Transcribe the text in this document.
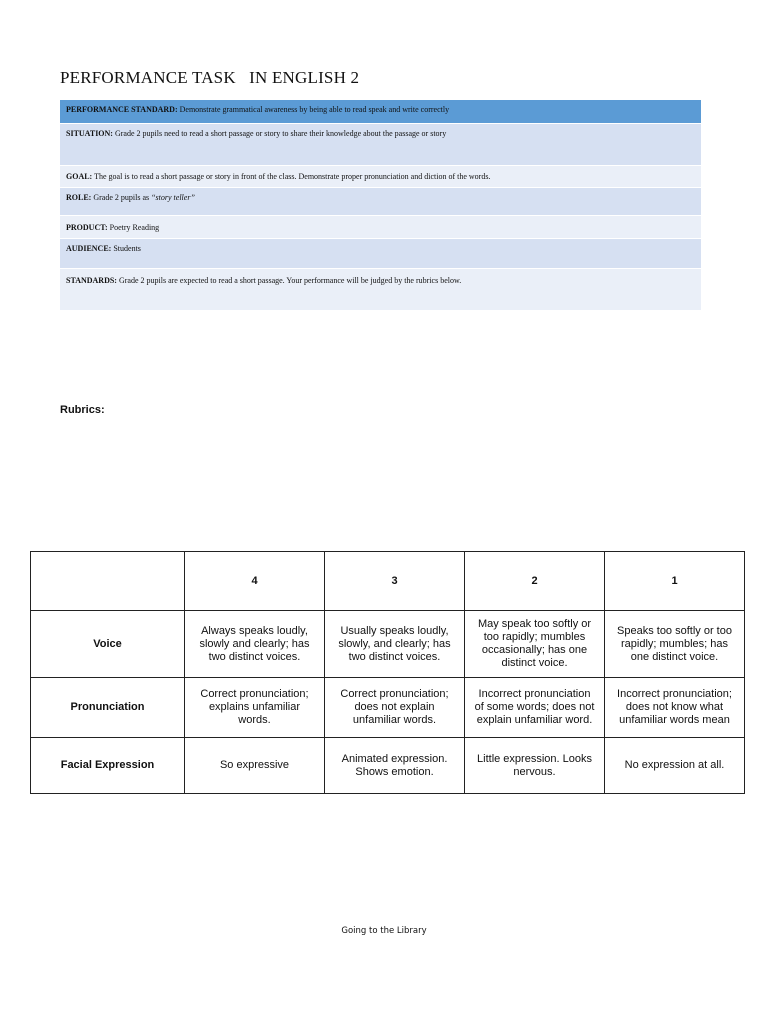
PERFORMANCE TASK   IN ENGLISH 2
PERFORMANCE STANDARD: Demonstrate grammatical awareness by being able to read speak and write correctly
SITUATION: Grade 2 pupils need to read a short passage or story to share their knowledge about the passage or story
GOAL: The goal is to read a short passage or story in front of the class. Demonstrate proper pronunciation and diction of the words.
ROLE: Grade 2 pupils as “story teller”
PRODUCT: Poetry Reading
AUDIENCE: Students
STANDARDS: Grade 2 pupils are expected to read a short passage. Your performance will be judged by the rubrics below.
Rubrics:
	4	3	2	1
Voice	Always speaks loudly, slowly and clearly; has two distinct voices.	Usually speaks loudly, slowly, and clearly; has two distinct voices.	May speak too softly or too rapidly; mumbles occasionally; has one distinct voice.	Speaks too softly or too rapidly; mumbles; has one distinct voice.
Pronunciation	Correct pronunciation; explains unfamiliar words.	Correct pronunciation; does not explain unfamiliar words.	Incorrect pronunciation of some words; does not explain unfamiliar word.	Incorrect pronunciation; does not know what unfamiliar words mean
Facial Expression	So expressive	Animated expression. Shows emotion.	Little expression. Looks nervous.	No expression at all.
Going to the Library
